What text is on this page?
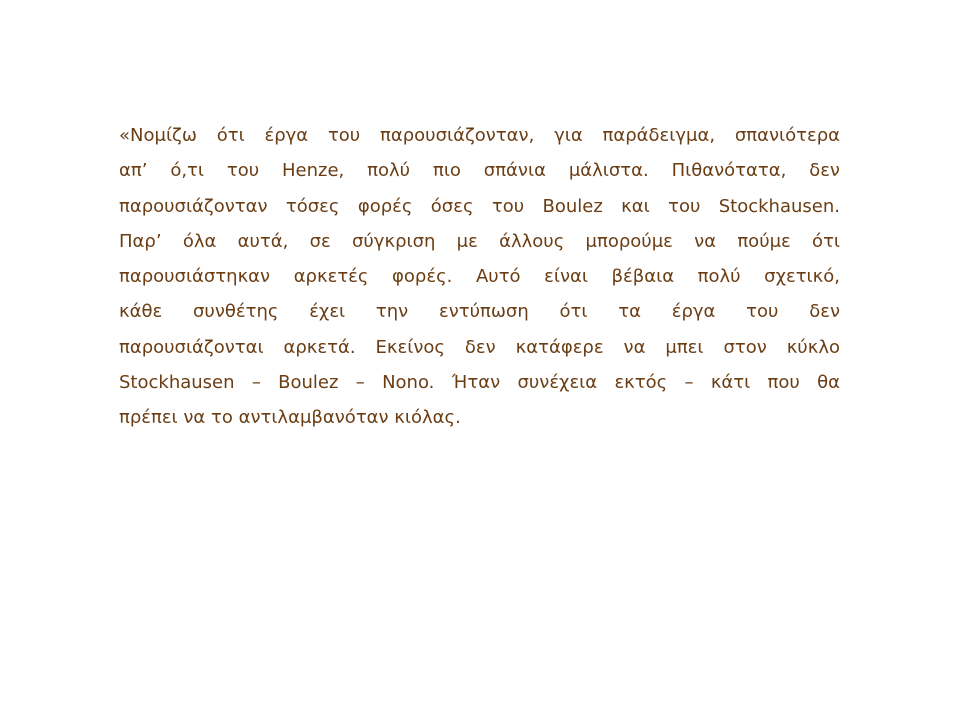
«Νομίζω ότι έργα του παρουσιάζονταν, για παράδειγμα, σπανιότερα
απ’ ό,τι του Henze, πολύ πιο σπάνια μάλιστα. Πιθανότατα, δεν
παρουσιάζονταν τόσες φορές όσες του Boulez και του Stockhausen.
Παρ’ όλα αυτά, σε σύγκριση με άλλους μπορούμε να πούμε ότι
παρουσιάστηκαν αρκετές φορές. Αυτό είναι βέβαια πολύ σχετικό,
κάθε συνθέτης έχει την εντύπωση ότι τα έργα του δεν
παρουσιάζονται αρκετά. Εκείνος δεν κατάφερε να μπει στον κύκλο
Stockhausen – Boulez – Nono. Ήταν συνέχεια εκτός – κάτι που θα
πρέπει να το αντιλαμβανόταν κιόλας.
